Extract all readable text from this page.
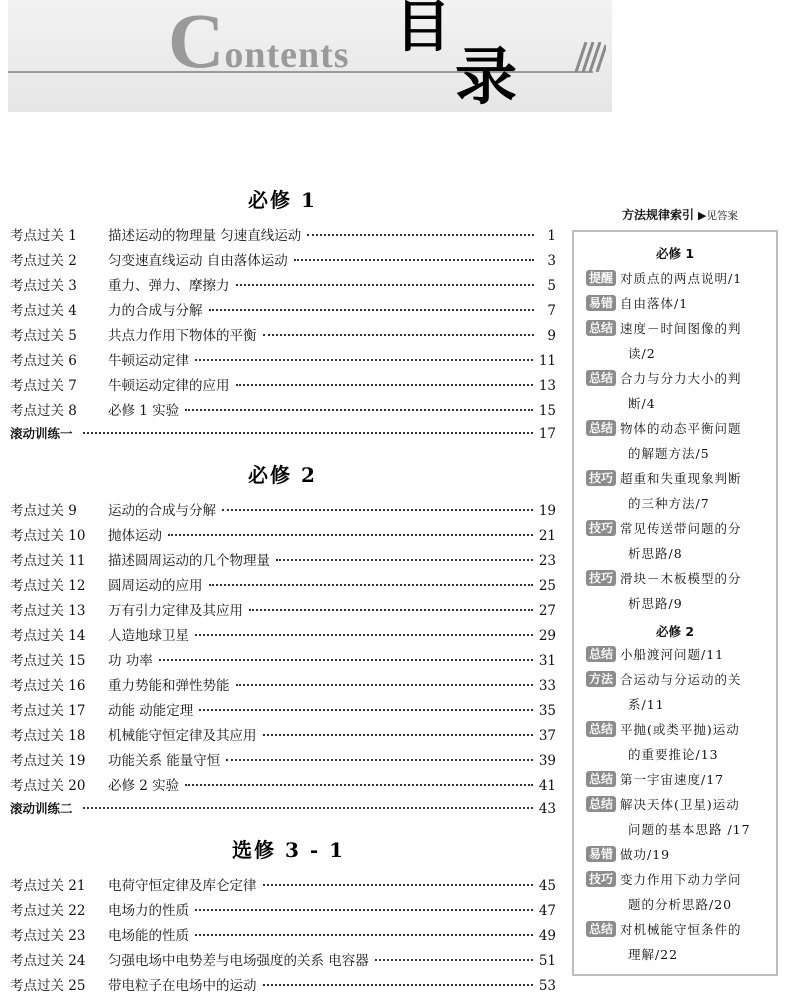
Contents 目
录
必修 1
考点过关 1	描述运动的物理量 匀速直线运动	1
考点过关 2	匀变速直线运动 自由落体运动	3
考点过关 3	重力、弹力、摩擦力	5
考点过关 4	力的合成与分解	7
考点过关 5	共点力作用下物体的平衡	9
考点过关 6	牛顿运动定律	11
考点过关 7	牛顿运动定律的应用	13
考点过关 8	必修 1 实验	15
滚动训练一	17
必修 2
考点过关 9	运动的合成与分解	19
考点过关 10	抛体运动	21
考点过关 11	描述圆周运动的几个物理量	23
考点过关 12	圆周运动的应用	25
考点过关 13	万有引力定律及其应用	27
考点过关 14	人造地球卫星	29
考点过关 15	功 功率	31
考点过关 16	重力势能和弹性势能	33
考点过关 17	动能 动能定理	35
考点过关 18	机械能守恒定律及其应用	37
考点过关 19	功能关系 能量守恒	39
考点过关 20	必修 2 实验	41
滚动训练二	43
选修 3 - 1
考点过关 21	电荷守恒定律及库仑定律	45
考点过关 22	电场力的性质	47
考点过关 23	电场能的性质	49
考点过关 24	匀强电场中电势差与电场强度的关系 电容器	51
考点过关 25	带电粒子在电场中的运动	53
方法规律索引 ▶见答案
必修 1
提醒 对质点的两点说明/1
易错 自由落体/1
总结 速度－时间图像的判
读/2
总结 合力与分力大小的判
断/4
总结 物体的动态平衡问题
的解题方法/5
技巧 超重和失重现象判断
的三种方法/7
技巧 常见传送带问题的分
析思路/8
技巧 滑块－木板模型的分
析思路/9
必修 2
总结 小船渡河问题/11
方法 合运动与分运动的关
系/11
总结 平抛(或类平抛)运动
的重要推论/13
总结 第一宇宙速度/17
总结 解决天体(卫星)运动
问题的基本思路 /17
易错 做功/19
技巧 变力作用下动力学问
题的分析思路/20
总结 对机械能守恒条件的
理解/22
